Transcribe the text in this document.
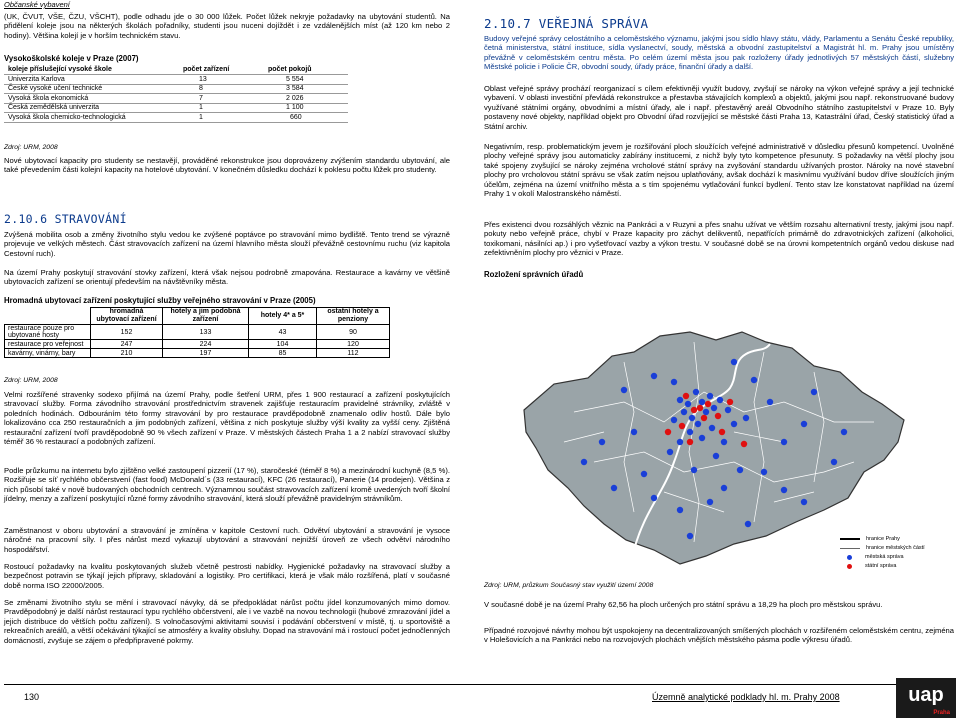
Občanské vybavení
(UK, ČVUT, VŠE, ČZU, VŠCHT), podle odhadu jde o 30 000 lůžek. Počet lůžek nekryje požadavky na ubytování studentů. Na přidělení koleje jsou na některých školách pořadníky, studenti jsou nuceni dojíždět i ze vzdálenějších míst (až 120 km nebo 2 hodiny). Většina kolejí je v horším technickém stavu.
Vysokoškolské koleje v Praze (2007)
koleje příslušející vysoké škole	počet zařízení	počet pokojů
Univerzita Karlova	13	5 554
České vysoké učení technické	8	3 584
Vysoká škola ekonomická	7	2 026
Česká zemědělská univerzita	1	1 100
Vysoká škola chemicko-technologická	1	660
Zdroj: URM, 2008
Nové ubytovací kapacity pro studenty se nestavějí, prováděné rekonstrukce jsou doprovázeny zvýšením standardu ubytování, ale také převedením části kolejní kapacity na hotelové ubytování. V konečném důsledku dochází k poklesu počtu lůžek pro studenty.
2.10.6 STRAVOVÁNÍ
Zvýšená mobilita osob a změny životního stylu vedou ke zvýšené poptávce po stravování mimo bydliště. Tento trend se výrazně projevuje ve velkých městech. Část stravovacích zařízení na území hlavního města slouží převážně cestovnímu ruchu (viz kapitola Cestovní ruch).
Na území Prahy poskytují stravování stovky zařízení, která však nejsou podrobně zmapována. Restaurace a kavárny ve většině ubytovacích zařízení se orientují především na návštěvníky města.
Hromadná ubytovací zařízení poskytující služby veřejného stravování v Praze (2005)
	hromadná ubytovací zařízení	hotely a jim podobná zařízení	hotely 4* a 5*	ostatní hotely a penziony
restaurace pouze pro ubytované hosty	152	133	43	90
restaurace pro veřejnost	247	224	104	120
kavárny, vinárny, bary	210	197	85	112
Zdroj: URM, 2008
Velmi rozšířené stravenky sodexo přijímá na území Prahy, podle šetření URM, přes 1 900 restaurací a zařízení poskytujících stravovací služby. Forma závodního stravování prostřednictvím stravenek zajišťuje restauracím pravidelné strávníky, zvláště v poledních hodinách. Odbouráním této formy stravování by pro restaurace pravděpodobně znamenalo odliv hostů. Dále bylo lokalizováno cca 250 restauračních a jim podobných zařízení, většina z nich poskytuje služby výší kvality za vyšší ceny. Zjištěná restaurační zařízení tvoří pravděpodobně 90 % všech zařízení v Praze. V městských částech Praha 1 a 2 nabízí stravovací služby téměř 36 % restaurací a podobných zařízení.
Podle průzkumu na internetu bylo zjištěno velké zastoupení pizzerií (17 %), staročeské (téměř 8 %) a mezinárodní kuchyně (8,5 %). Rozšiřuje se síť rychlého občerstvení (fast food) McDonald´s (33 restaurací), KFC (26 restaurací), Panerie (14 prodejen). Většina z nich působí také v nově budovaných obchodních centrech. Významnou součást stravovacích zařízení kromě uvedených tvoří školní jídelny, menzy a zařízení poskytující různé formy závodního stravování, která slouží převážně pravidelným strávníkům.
Zaměstnanost v oboru ubytování a stravování je zmíněna v kapitole Cestovní ruch. Odvětví ubytování a stravování je vysoce náročné na pracovní síly. I přes nárůst mezd vykazují ubytování a stravování nejnižší úroveň ze všech odvětví národního hospodářství.
Rostoucí požadavky na kvalitu poskytovaných služeb včetně pestrosti nabídky. Hygienické požadavky na stravovací služby a bezpečnost potravin se týkají jejich přípravy, skladování a logistiky. Pro certifikaci, která je však málo rozšířená, platí v současné době norma ISO 22000/2005.
Se změnami životního stylu se mění i stravovací návyky, dá se předpokládat nárůst počtu jídel konzumovaných mimo domov. Pravděpodobný je další nárůst restaurací typu rychlého občerstvení, ale i ve vazbě na novou technologii (hubové zmrazování jídel a jejich distribuce do větších počtu zařízení). S volnočasovými aktivitami souvisí i podávání občerstvení v místě, tj. u sportoviště a rekreačních areálů, a větší očekávání týkající se atmosféry a kvality obsluhy. Dopad na stravování má i rostoucí počet jednočlenných domácností, zvyšuje se zájem o předpřipravené pokrmy.
2.10.7 VEŘEJNÁ SPRÁVA
Budovy veřejné správy celostátního a celoměstského významu, jakými jsou sídlo hlavy státu, vlády, Parlamentu a Senátu České republiky, četná ministerstva, státní instituce, sídla vyslanectví, soudy, městská a obvodní zastupitelství a Magistrát hl. m. Prahy jsou umístěny převážně v celoměstském centru města. Po celém území města jsou pak rozloženy úřady jednotlivých 57 městských částí, služebny Městské policie i Policie ČR, obvodní soudy, úřady práce, finanční úřady a další.
Oblast veřejné správy prochází reorganizací s cílem efektivněji využít budovy, zvyšují se nároky na výkon veřejné správy a její technické vybavení. V oblasti investiční převládá rekonstrukce a přestavba stávajících komplexů a objektů, jakými jsou např. rekonstruované budovy využívané státními orgány, obvodními a místní úřady, ale i např. přestavěný areál Obvodního státního zastupitelství v Praze 10. Byly postaveny nové objekty, například objekt pro Obvodní úřad rozvíjející se městské části Praha 13, Katastrální úřad, Český statistický úřad a Státní archiv.
Negativním, resp. problematickým jevem je rozšiřování ploch sloužících veřejné administrativě v důsledku přesunů kompetencí. Uvolněné plochy veřejné správy jsou automaticky zabírány institucemi, z nichž byly tyto kompetence přesunuty. S požadavky na větší plochy jsou také spojeny zvyšující se nároky zejména vrcholové státní správy na zvyšování standardu užívaných prostor. Nároky na nové stavební plochy pro vrcholovou státní správu se však zatím nejsou uplatňovány, avšak dochází k masivnímu využívání budov dříve sloužících jiným účelům, zejména na území vnitřního města a s tím spojenému vytlačování funkcí bydlení. Tento stav lze konstatovat například na území Prahy 1 v okolí Malostranského náměstí.
Přes existenci dvou rozsáhlých věznic na Pankráci a v Ruzyni a přes snahu užívat ve větším rozsahu alternativní tresty, jakými jsou např. pokuty nebo veřejně práce, chybí v Praze kapacity pro záchyt delikventů, nepatřících primárně do zdravotnických zařízení (alkoholici, toxikomani, násilníci ap.) i pro vyšetřovací vazby a výkon trestu. V současné době se na úrovni kompetentních orgánů vedou diskuse nad zefektivněním plochy pro věznici v Praze.
Rozložení správních úřadů
hranice Prahy
hranice městských částí
městská správa
státní správa
Zdroj: URM, průzkum Současný stav využití území 2008
V současné době je na území Prahy 62,56 ha ploch určených pro státní správu a 18,29 ha ploch pro městskou správu.
Případné rozvojové návrhy mohou být uspokojeny na decentralizovaných smíšených plochách v rozšiřeném celoměstském centru, zejména v Holešovicích a na Pankráci nebo na rozvojových plochách vnějších městského pásma podle výkresu úřadů.
130	Územně analytické podklady hl. m. Prahy 2008	uap
Praha
